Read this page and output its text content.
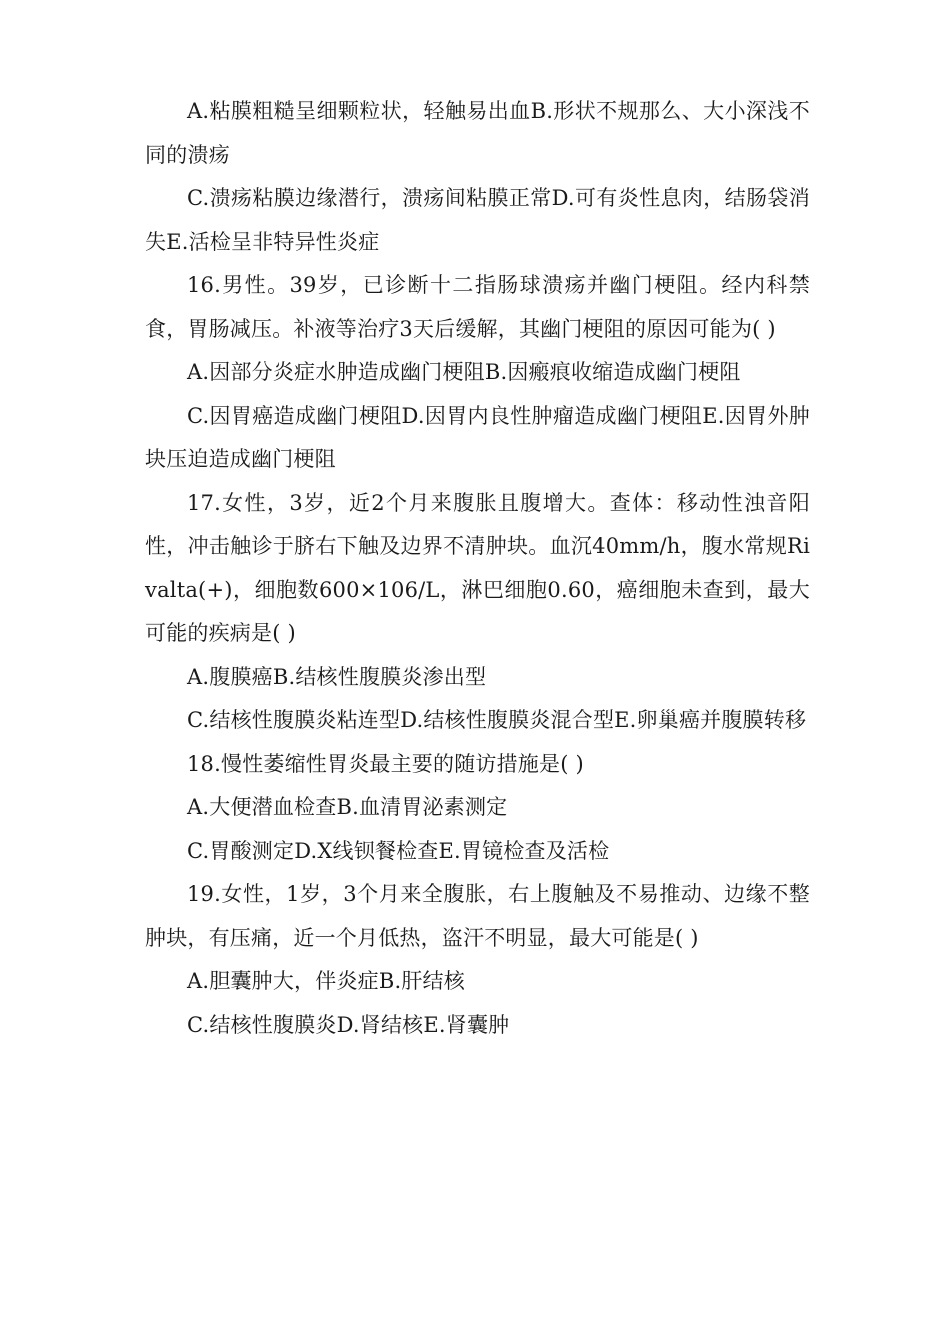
A.粘膜粗糙呈细颗粒状，轻触易出血B.形状不规那么、大小深浅不同的溃疡

C.溃疡粘膜边缘潜行，溃疡间粘膜正常D.可有炎性息肉，结肠袋消失E.活检呈非特异性炎症

16.男性。39岁，已诊断十二指肠球溃疡并幽门梗阻。经内科禁食，胃肠减压。补液等治疗3天后缓解，其幽门梗阻的原因可能为( )

A.因部分炎症水肿造成幽门梗阻B.因瘢痕收缩造成幽门梗阻

C.因胃癌造成幽门梗阻D.因胃内良性肿瘤造成幽门梗阻E.因胃外肿块压迫造成幽门梗阻

17.女性，3岁，近2个月来腹胀且腹增大。查体：移动性浊音阳性，冲击触诊于脐右下触及边界不清肿块。血沉40mm/h，腹水常规Rivalta(+)，细胞数600×106/L，淋巴细胞0.60，癌细胞未查到，最大可能的疾病是( )

A.腹膜癌B.结核性腹膜炎渗出型

C.结核性腹膜炎粘连型D.结核性腹膜炎混合型E.卵巢癌并腹膜转移

18.慢性萎缩性胃炎最主要的随访措施是( )

A.大便潜血检查B.血清胃泌素测定

C.胃酸测定D.X线钡餐检查E.胃镜检查及活检

19.女性，1岁，3个月来全腹胀，右上腹触及不易推动、边缘不整肿块，有压痛，近一个月低热，盗汗不明显，最大可能是( )

A.胆囊肿大，伴炎症B.肝结核

C.结核性腹膜炎D.肾结核E.肾囊肿
